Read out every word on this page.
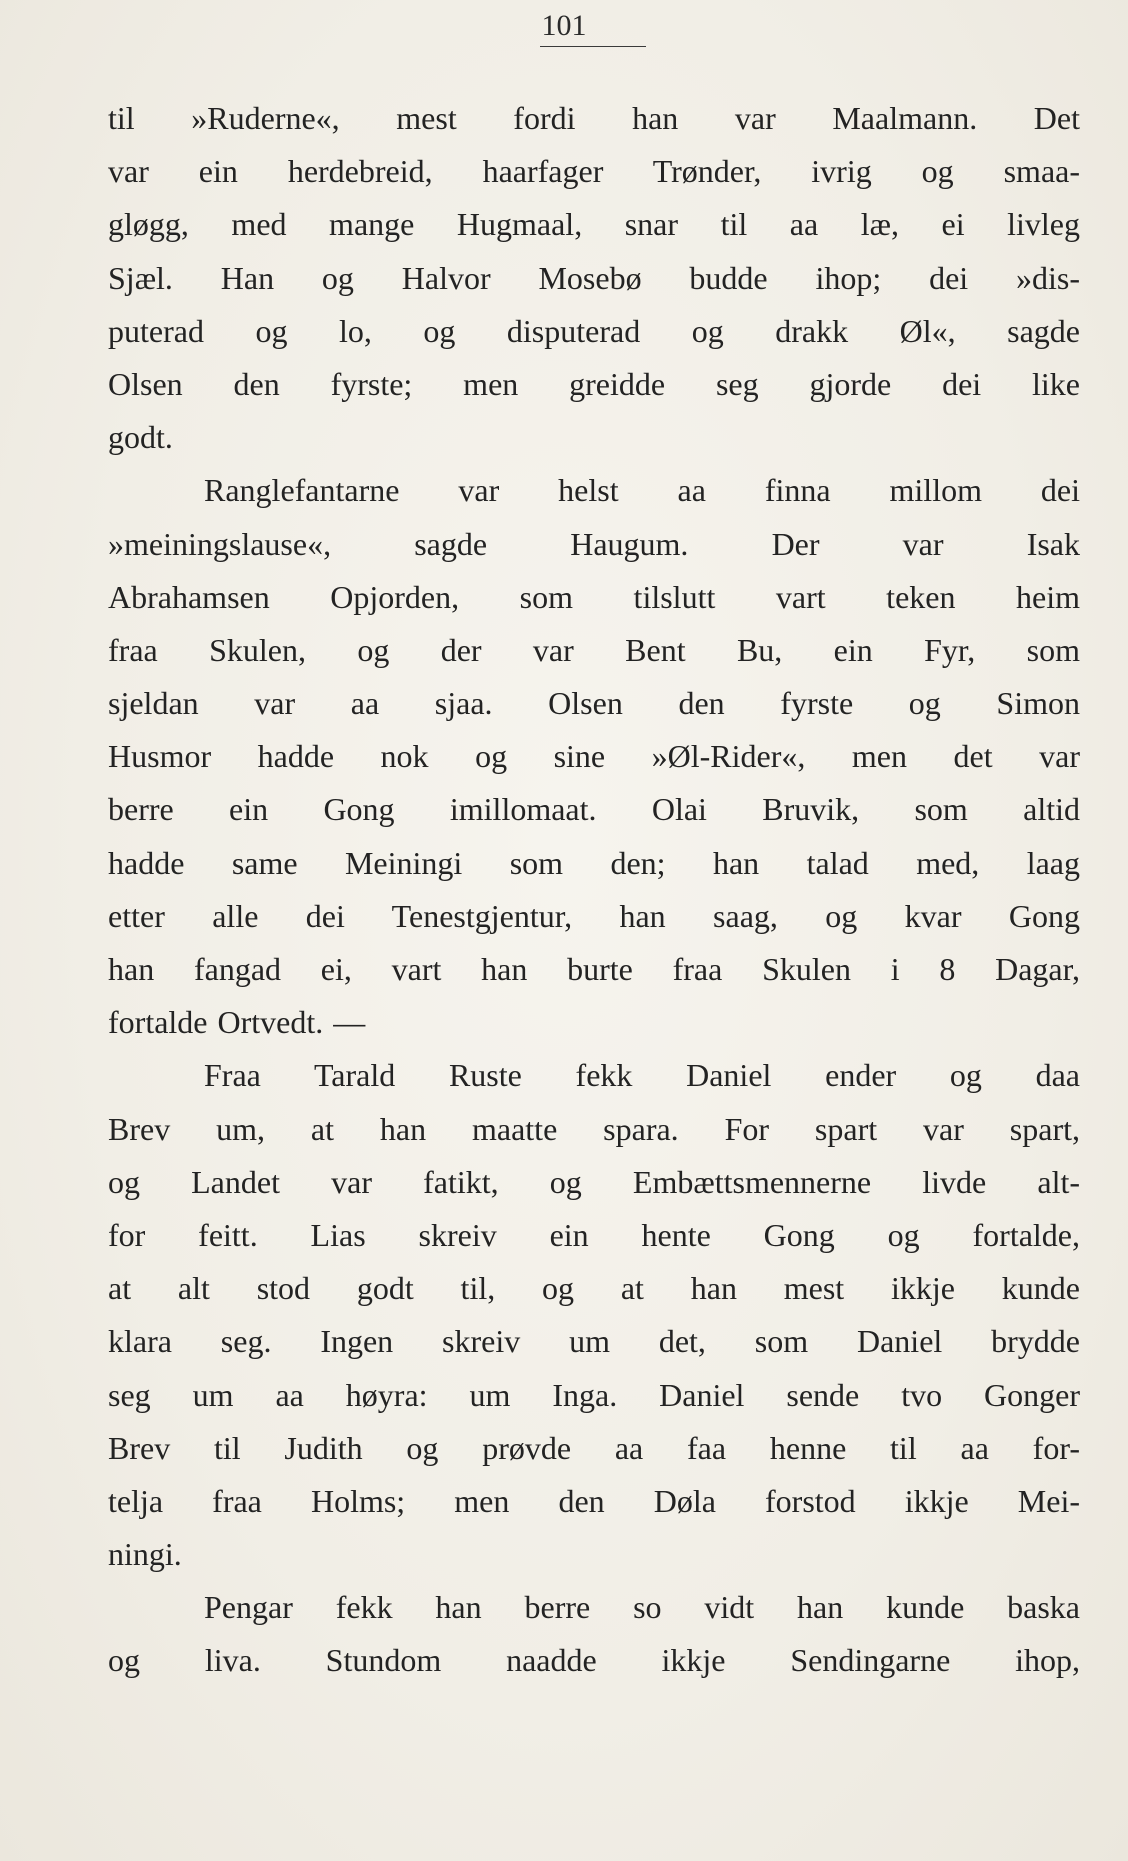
101
til »Ruderne«, mest fordi han var Maalmann. Det
var ein herdebreid, haarfager Trønder, ivrig og smaa-
gløgg, med mange Hugmaal, snar til aa læ, ei livleg
Sjæl. Han og Halvor Mosebø budde ihop; dei »dis-
puterad og lo, og disputerad og drakk Øl«, sagde
Olsen den fyrste; men greidde seg gjorde dei like
godt.
Ranglefantarne var helst aa finna millom dei
»meiningslause«, sagde Haugum. Der var Isak
Abrahamsen Opjorden, som tilslutt vart teken heim
fraa Skulen, og der var Bent Bu, ein Fyr, som
sjeldan var aa sjaa. Olsen den fyrste og Simon
Husmor hadde nok og sine »Øl-Rider«, men det var
berre ein Gong imillomaat. Olai Bruvik, som altid
hadde same Meiningi som den; han talad med, laag
etter alle dei Tenestgjentur, han saag, og kvar Gong
han fangad ei, vart han burte fraa Skulen i 8 Dagar,
fortalde Ortvedt. —
Fraa Tarald Ruste fekk Daniel ender og daa
Brev um, at han maatte spara. For spart var spart,
og Landet var fatikt, og Embættsmennerne livde alt-
for feitt. Lias skreiv ein hente Gong og fortalde,
at alt stod godt til, og at han mest ikkje kunde
klara seg. Ingen skreiv um det, som Daniel brydde
seg um aa høyra: um Inga. Daniel sende tvo Gonger
Brev til Judith og prøvde aa faa henne til aa for-
telja fraa Holms; men den Døla forstod ikkje Mei-
ningi.
Pengar fekk han berre so vidt han kunde baska
og liva. Stundom naadde ikkje Sendingarne ihop,
